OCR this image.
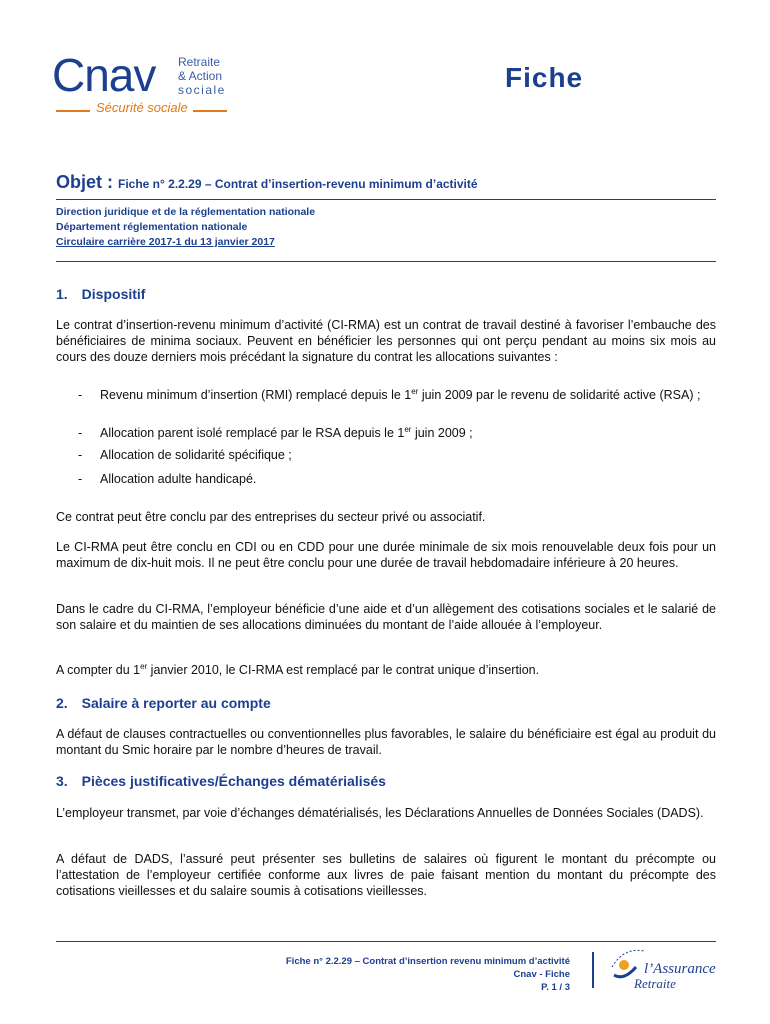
Cnav Retraite
& Action
sociale
Sécurité sociale
Fiche
Objet : Fiche n° 2.2.29 – Contrat d’insertion-revenu minimum d’activité
Direction juridique et de la réglementation nationale
Département réglementation nationale
Circulaire carrière 2017-1 du 13 janvier 2017
1. Dispositif

Le contrat d’insertion-revenu minimum d’activité (CI-RMA) est un contrat de travail destiné à favoriser l’embauche des bénéficiaires de minima sociaux. Peuvent en bénéficier les personnes qui ont perçu pendant au moins six mois au cours des douze derniers mois précédant la signature du contrat les allocations suivantes :

- Revenu minimum d’insertion (RMI) remplacé depuis le 1er juin 2009 par le revenu de solidarité active (RSA) ;
- Allocation parent isolé remplacé par le RSA depuis le 1er juin 2009 ;
- Allocation de solidarité spécifique ;
- Allocation adulte handicapé.

Ce contrat peut être conclu par des entreprises du secteur privé ou associatif.

Le CI-RMA peut être conclu en CDI ou en CDD pour une durée minimale de six mois renouvelable deux fois pour un maximum de dix-huit mois. Il ne peut être conclu pour une durée de travail hebdomadaire inférieure à 20 heures.

Dans le cadre du CI-RMA, l’employeur bénéficie d’une aide et d’un allègement des cotisations sociales et le salarié de son salaire et du maintien de ses allocations diminuées du montant de l’aide allouée à l’employeur.

A compter du 1er janvier 2010, le CI-RMA est remplacé par le contrat unique d’insertion.

2. Salaire à reporter au compte

A défaut de clauses contractuelles ou conventionnelles plus favorables, le salaire du bénéficiaire est égal au produit du montant du Smic horaire par le nombre d’heures de travail.

3. Pièces justificatives/Échanges dématérialisés

L’employeur transmet, par voie d’échanges dématérialisés, les Déclarations Annuelles de Données Sociales (DADS).

A défaut de DADS, l’assuré peut présenter ses bulletins de salaires où figurent le montant du précompte ou l’attestation de l’employeur certifiée conforme aux livres de paie faisant mention du montant du précompte des cotisations vieillesses et du salaire soumis à cotisations vieillesses.

Fiche n° 2.2.29 – Contrat d’insertion revenu minimum d’activité
Cnav - Fiche
P. 1 / 3
l’Assurance
Retraite
